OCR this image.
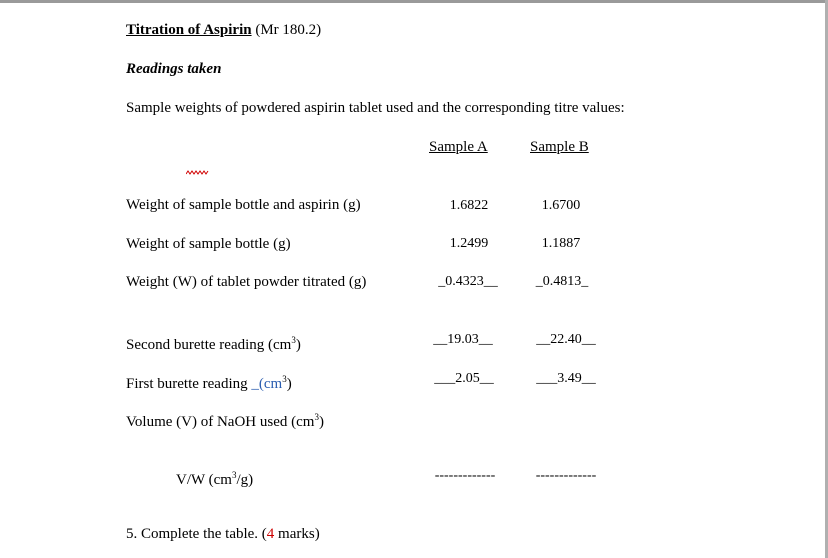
Titration of Aspirin (Mr 180.2)
Readings taken
Sample weights of powdered aspirin tablet used and the corresponding titre values:
Sample A	Sample B
Weight of sample bottle and aspirin (g)	1.6822	1.6700
Weight of sample bottle (g)	1.2499	1.1887
Weight (W) of tablet powder titrated (g)	_0.4323__	_0.4813_
Second burette reading $(cm^3)$	__19.03__	__22.40__
First burette reading $\_(cm^3)$	___2.05__	___3.49__
Volume (V) of NaOH used $(cm^3)$
V/W $(cm^3/g)$	-------------	-------------
5. Complete the table. (4 marks)
